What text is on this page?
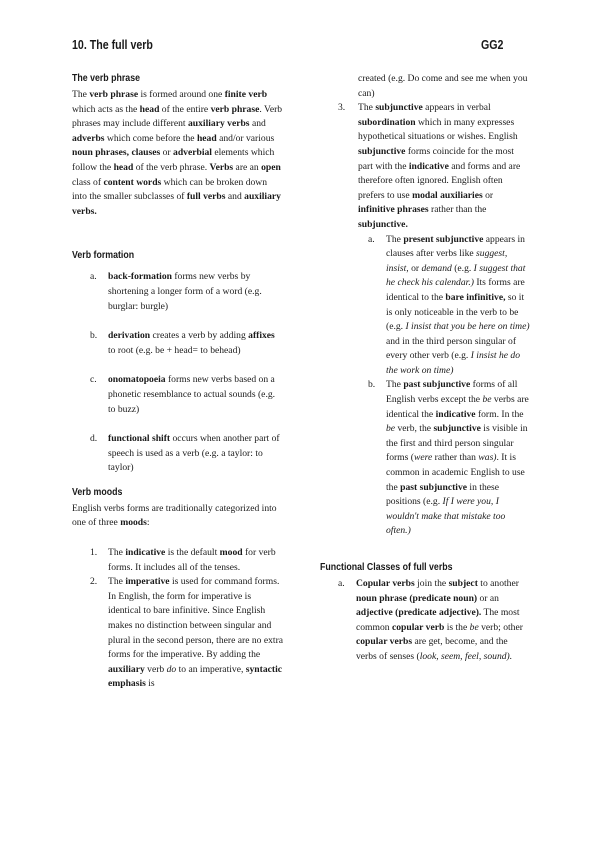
10. The full verb	GG2
The verb phrase

The verb phrase is formed around one finite verb which acts as the head of the entire verb phrase. Verb phrases may include different auxiliary verbs and adverbs which come before the head and/or various noun phrases, clauses or adverbial elements which follow the head of the verb phrase. Verbs are an open class of content words which can be broken down into the smaller subclasses of full verbs and auxiliary verbs.

Verb formation
a. back-formation forms new verbs by shortening a longer form of a word (e.g. burglar: burgle)
b. derivation creates a verb by adding affixes to root (e.g. be + head= to behead)
c. onomatopoeia forms new verbs based on a phonetic resemblance to actual sounds (e.g. to buzz)
d. functional shift occurs when another part of speech is used as a verb (e.g. a taylor: to taylor)
Verb moods

English verbs forms are traditionally categorized into one of three moods:

1. The indicative is the default mood for verb forms. It includes all of the tenses.
2. The imperative is used for command forms. In English, the form for imperative is identical to bare infinitive. Since English makes no distinction between singular and plural in the second person, there are no extra forms for the imperative. By adding the auxiliary verb do to an imperative, syntactic emphasis is

created (e.g. Do come and see me when you can)

3. The subjunctive appears in verbal subordination which in many expresses hypothetical situations or wishes. English subjunctive forms coincide for the most part with the indicative and forms and are therefore often ignored. English often prefers to use modal auxiliaries or infinitive phrases rather than the subjunctive.
a. The present subjunctive appears in clauses after verbs like suggest, insist, or demand (e.g. I suggest that he check his calendar.) Its forms are identical to the bare infinitive, so it is only noticeable in the verb to be (e.g. I insist that you be here on time) and in the third person singular of every other verb (e.g. I insist he do the work on time)
b. The past subjunctive forms of all English verbs except the be verbs are identical the indicative form. In the be verb, the subjunctive is visible in the first and third person singular forms (were rather than was). It is common in academic English to use the past subjunctive in these positions (e.g. If I were you, I wouldn't make that mistake too often.)
Functional Classes of full verbs
a. Copular verbs join the subject to another noun phrase (predicate noun) or an adjective (predicate adjective). The most common copular verb is the be verb; other copular verbs are get, become, and the verbs of senses (look, seem, feel, sound).
